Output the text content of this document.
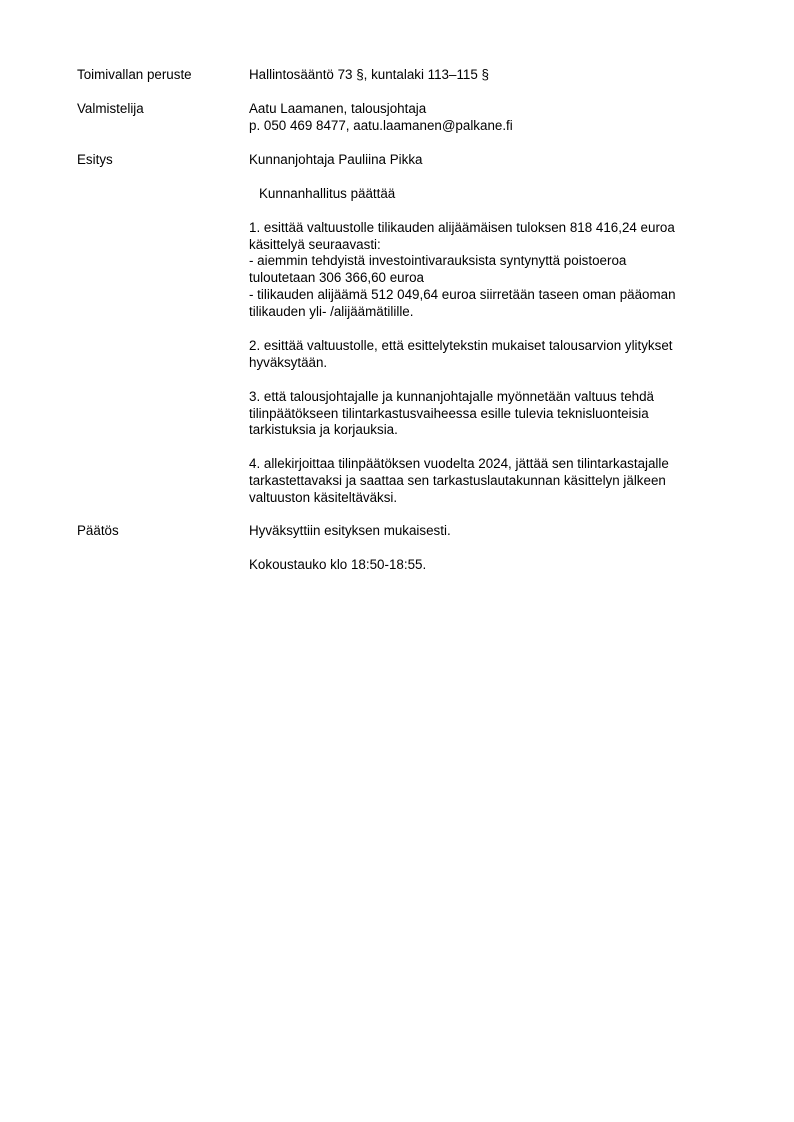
Toimivallan peruste	Hallintosääntö 73 §, kuntalaki 113–115 §
Valmistelija	Aatu Laamanen, talousjohtaja
p. 050 469 8477, aatu.laamanen@palkane.fi
Esitys	Kunnanjohtaja Pauliina Pikka
Kunnanhallitus päättää
1. esittää valtuustolle tilikauden alijäämäisen tuloksen 818 416,24 euroa
käsittelyä seuraavasti:
- aiemmin tehdyistä investointivarauksista syntynyttä poistoeroa
tuloutetaan 306 366,60 euroa
- tilikauden alijäämä 512 049,64 euroa siirretään taseen oman pääoman
tilikauden yli- /alijäämätilille.
2. esittää valtuustolle, että esittelytekstin mukaiset talousarvion ylitykset
hyväksytään.
3. että talousjohtajalle ja kunnanjohtajalle myönnetään valtuus tehdä
tilinpäätökseen tilintarkastusvaiheessa esille tulevia teknisluonteisia
tarkistuksia ja korjauksia.
4. allekirjoittaa tilinpäätöksen vuodelta 2024, jättää sen tilintarkastajalle
tarkastettavaksi ja saattaa sen tarkastuslautakunnan käsittelyn jälkeen
valtuuston käsiteltäväksi.
Päätös	Hyväksyttiin esityksen mukaisesti.
Kokoustauko klo 18:50-18:55.
